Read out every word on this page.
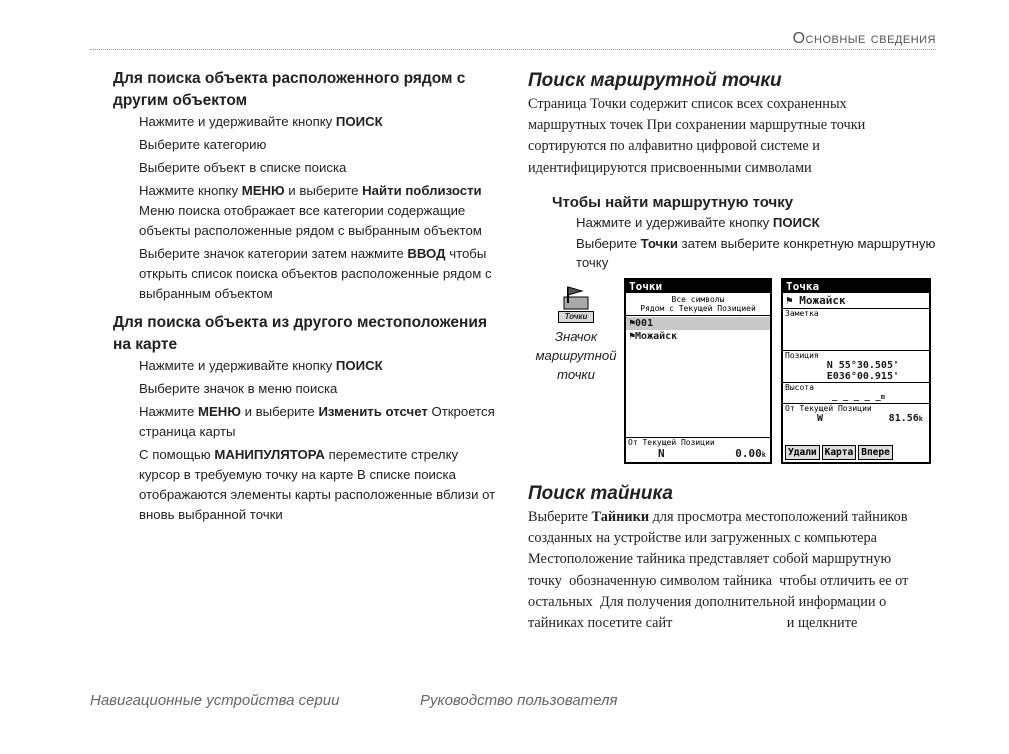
Основные сведения
Для поиска объекта расположенного рядом с другим объектом
Нажмите и удерживайте кнопку ПОИСК
Выберите категорию
Выберите объект в списке поиска
Нажмите кнопку МЕНЮ и выберите Найти поблизости Меню поиска отображает все категории содержащие объекты расположенные рядом с выбранным объектом
Выберите значок категории затем нажмите ВВОД чтобы открыть список поиска объектов расположенные рядом с выбранным объектом
Для поиска объекта из другого местоположения на карте
Нажмите и удерживайте кнопку ПОИСК
Выберите значок в меню поиска
Нажмите МЕНЮ и выберите Изменить отсчет Откроется страница карты
С помощью МАНИПУЛЯТОРА переместите стрелку курсор в требуемую точку на карте В списке поиска отображаются элементы карты расположенные вблизи от вновь выбранной точки
Поиск маршрутной точки
Страница Точки содержит список всех сохраненных маршрутных точек При сохранении маршрутные точки сортируются по алфавитно цифровой системе и идентифицируются присвоенными символами
Чтобы найти маршрутную точку
Нажмите и удерживайте кнопку ПОИСК
Выберите Точки затем выберите конкретную маршрутную точку
Точки
Значок маршрутной точки
Точки
Все символы
Рядом с Текущей Позицией
⚑001
⚑Можайск
От Текущей Позиции
N	0.00k
Точка
⚑ Можайск
Заметка
Позиция
N 55°30.505'
E036°00.915'
Высота
_ _ _ _ _m
От Текущей Позиции
W	81.56k
Удали Карта Впере
Поиск тайника
Выберите Тайники для просмотра местоположений тайников созданных на устройстве или загруженных с компьютера Местоположение тайника представляет собой маршрутную точку  обозначенную символом тайника  чтобы отличить ее от остальных  Для получения дополнительной информации о тайниках посетите сайт                                и щелкните
Навигационные устройства серии	Руководство пользователя
